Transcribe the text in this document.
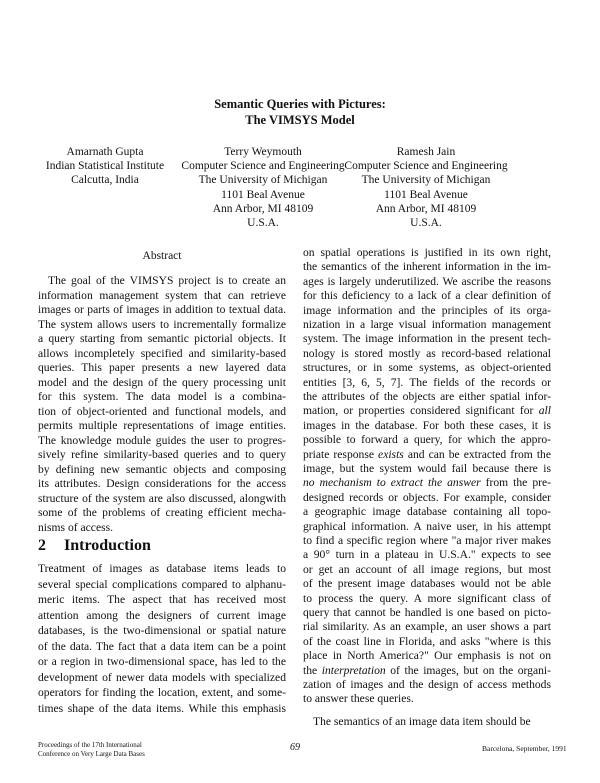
Semantic Queries with Pictures:
The VIMSYS Model
Amarnath Gupta
Indian Statistical Institute
Calcutta, India
Terry Weymouth
Computer Science and Engineering
The University of Michigan
1101 Beal Avenue
Ann Arbor, MI 48109
U.S.A.
Ramesh Jain
Computer Science and Engineering
The University of Michigan
1101 Beal Avenue
Ann Arbor, MI 48109
U.S.A.
Abstract
The goal of the VIMSYS project is to create an
information management system that can retrieve
images or parts of images in addition to textual data.
The system allows users to incrementally formalize
a query starting from semantic pictorial objects. It
allows incompletely specified and similarity-based
queries. This paper presents a new layered data
model and the design of the query processing unit
for this system. The data model is a combina-
tion of object-oriented and functional models, and
permits multiple representations of image entities.
The knowledge module guides the user to progres-
sively refine similarity-based queries and to query
by defining new semantic objects and composing
its attributes. Design considerations for the access
structure of the system are also discussed, alongwith
some of the problems of creating efficient mecha-
nisms of access.
2 Introduction
Treatment of images as database items leads to
several special complications compared to alphanu-
meric items. The aspect that has received most
attention among the designers of current image
databases, is the two-dimensional or spatial nature
of the data. The fact that a data item can be a point
or a region in two-dimensional space, has led to the
development of newer data models with specialized
operators for finding the location, extent, and some-
times shape of the data items. While this emphasis
on spatial operations is justified in its own right,
the semantics of the inherent information in the im-
ages is largely underutilized. We ascribe the reasons
for this deficiency to a lack of a clear definition of
image information and the principles of its orga-
nization in a large visual information management
system. The image information in the present tech-
nology is stored mostly as record-based relational
structures, or in some systems, as object-oriented
entities [3, 6, 5, 7]. The fields of the records or
the attributes of the objects are either spatial infor-
mation, or properties considered significant for all
images in the database. For both these cases, it is
possible to forward a query, for which the appro-
priate response exists and can be extracted from the
image, but the system would fail because there is
no mechanism to extract the answer from the pre-
designed records or objects. For example, consider
a geographic image database containing all topo-
graphical information. A naive user, in his attempt
to find a specific region where "a major river makes
a 90° turn in a plateau in U.S.A." expects to see
or get an account of all image regions, but most
of the present image databases would not be able
to process the query. A more significant class of
query that cannot be handled is one based on picto-
rial similarity. As an example, an user shows a part
of the coast line in Florida, and asks "where is this
place in North America?" Our emphasis is not on
the interpretation of the images, but on the organi-
zation of images and the design of access methods
to answer these queries.
The semantics of an image data item should be
Proceedings of the 17th International
Conference on Very Large Data Bases
69	Barcelona, September, 1991
